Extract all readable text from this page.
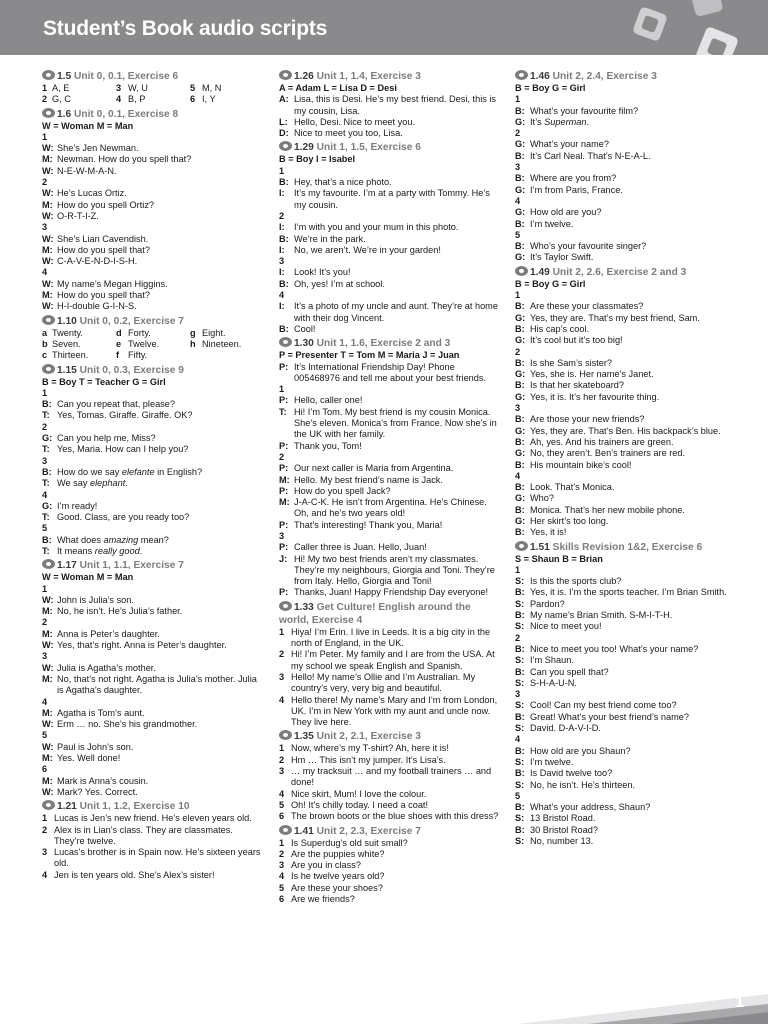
Student’s Book audio scripts
1.5 Unit 0, 0.1, Exercise 6
1 A, E	3 W, U	5 M, N
2 G, C	4 B, P	6 I, Y
1.6 Unit 0, 0.1, Exercise 8
W = Woman M = Man
1
W: She’s Jen Newman.
M: Newman. How do you spell that?
W: N-E-W-M-A-N.
2
W: He’s Lucas Ortiz.
M: How do you spell Ortiz?
W: O-R-T-I-Z.
3
W: She’s Lian Cavendish.
M: How do you spell that?
W: C-A-V-E-N-D-I-S-H.
4
W: My name’s Megan Higgins.
M: How do you spell that?
W: H-I-double G-I-N-S.
1.10 Unit 0, 0.2, Exercise 7
a Twenty.	d Forty.	g Eight.
b Seven.	e Twelve.	h Nineteen.
c Thirteen.	f Fifty.
1.15 Unit 0, 0.3, Exercise 9
B = Boy T = Teacher G = Girl
1
B: Can you repeat that, please?
T: Yes, Tomas. Giraffe. Giraffe. OK?
2
G: Can you help me, Miss?
T: Yes, Maria. How can I help you?
3
B: How do we say elefante in English?
T: We say elephant.
4
G: I’m ready!
T: Good. Class, are you ready too?
5
B: What does amazing mean?
T: It means really good.
1.17 Unit 1, 1.1, Exercise 7
W = Woman M = Man
1
W: John is Julia’s son.
M: No, he isn’t. He’s Julia’s father.
2
M: Anna is Peter’s daughter.
W: Yes, that’s right. Anna is Peter’s daughter.
3
W: Julia is Agatha’s mother.
M: No, that’s not right. Agatha is Julia’s mother. Julia is Agatha’s daughter.
4
M: Agatha is Tom’s aunt.
W: Erm … no. She’s his grandmother.
5
W: Paul is John’s son.
M: Yes. Well done!
6
M: Mark is Anna’s cousin.
W: Mark? Yes. Correct.
1.21 Unit 1, 1.2, Exercise 10
1 Lucas is Jen’s new friend. He’s eleven years old.
2 Alex is in Lian’s class. They are classmates. They’re twelve.
3 Lucas’s brother is in Spain now. He’s sixteen years old.
4 Jen is ten years old. She’s Alex’s sister!
1.26 Unit 1, 1.4, Exercise 3
A = Adam L = Lisa D = Desi
A: Lisa, this is Desi. He’s my best friend. Desi, this is my cousin, Lisa.
L: Hello, Desi. Nice to meet you.
D: Nice to meet you too, Lisa.
1.29 Unit 1, 1.5, Exercise 6
B = Boy I = Isabel
1
B: Hey, that’s a nice photo.
I:	It’s my favourite. I’m at a party with Tommy. He’s my cousin.
2
I:	I’m with you and your mum in this photo.
B: We’re in the park.
I:	No, we aren’t. We’re in your garden!
3
I:	Look! It’s you!
B: Oh, yes! I’m at school.
4
I:	It’s a photo of my uncle and aunt. They’re at home with their dog Vincent.
B: Cool!
1.30 Unit 1, 1.6, Exercise 2 and 3
P = Presenter T = Tom M = Maria J = Juan
P: It’s International Friendship Day! Phone 005468976 and tell me about your best friends.
1
P: Hello, caller one!
T: Hi! I’m Tom. My best friend is my cousin Monica. She’s eleven. Monica’s from France. Now she’s in the UK with her family.
P: Thank you, Tom!
2
P: Our next caller is Maria from Argentina.
M: Hello. My best friend’s name is Jack.
P: How do you spell Jack?
M: J-A-C-K. He isn’t from Argentina. He’s Chinese. Oh, and he’s two years old!
P: That’s interesting! Thank you, Maria!
3
P: Caller three is Juan. Hello, Juan!
J: Hi! My two best friends aren’t my classmates. They’re my neighbours, Giorgia and Toni. They’re from Italy. Hello, Giorgia and Toni!
P: Thanks, Juan! Happy Friendship Day everyone!
1.33 Get Culture! English around the world, Exercise 4
1 Hiya! I’m Erin. I live in Leeds. It is a big city in the north of England, in the UK.
2 Hi! I’m Peter. My family and I are from the USA. At my school we speak English and Spanish.
3 Hello! My name’s Ollie and I’m Australian. My country’s very, very big and beautiful.
4 Hello there! My name’s Mary and I’m from London, UK. I’m in New York with my aunt and uncle now. They live here.
1.35 Unit 2, 2.1, Exercise 3
1 Now, where’s my T-shirt? Ah, here it is!
2 Hm … This isn’t my jumper. It’s Lisa’s.
3 … my tracksuit … and my football trainers … and done!
4 Nice skirt, Mum! I love the colour.
5 Oh! It’s chilly today. I need a coat!
6 The brown boots or the blue shoes with this dress?
1.41 Unit 2, 2.3, Exercise 7
1 Is Superdug’s old suit small?
2 Are the puppies white?
3 Are you in class?
4 Is he twelve years old?
5 Are these your shoes?
6 Are we friends?
1.46 Unit 2, 2.4, Exercise 3
B = Boy G = Girl
1
B: What’s your favourite film?
G: It’s Superman.
2
G: What’s your name?
B: It’s Carl Neal. That’s N-E-A-L.
3
B: Where are you from?
G: I’m from Paris, France.
4
G: How old are you?
B: I’m twelve.
5
B: Who’s your favourite singer?
G: It’s Taylor Swift.
1.49 Unit 2, 2.6, Exercise 2 and 3
B = Boy G = Girl
1
B: Are these your classmates?
G: Yes, they are. That’s my best friend, Sam.
B: His cap’s cool.
G: It’s cool but it’s too big!
2
B: Is she Sam’s sister?
G: Yes, she is. Her name’s Janet.
B: Is that her skateboard?
G: Yes, it is. It’s her favourite thing.
3
B: Are those your new friends?
G: Yes, they are. That’s Ben. His backpack’s blue.
B: Ah, yes. And his trainers are green.
G: No, they aren’t. Ben’s trainers are red.
B: His mountain bike’s cool!
4
B: Look. That’s Monica.
G: Who?
B: Monica. That’s her new mobile phone.
G: Her skirt’s too long.
B: Yes, it is!
1.51 Skills Revision 1&2, Exercise 6
S = Shaun B = Brian
1
S: Is this the sports club?
B: Yes, it is. I’m the sports teacher. I’m Brian Smith.
S: Pardon?
B: My name’s Brian Smith. S-M-I-T-H.
S: Nice to meet you!
2
B: Nice to meet you too! What’s your name?
S: I’m Shaun.
B: Can you spell that?
S: S-H-A-U-N.
3
S: Cool! Can my best friend come too?
B: Great! What’s your best friend’s name?
S: David. D-A-V-I-D.
4
B: How old are you Shaun?
S: I’m twelve.
B: Is David twelve too?
S: No, he isn’t. He’s thirteen.
5
B: What’s your address, Shaun?
S: 13 Bristol Road.
B: 30 Bristol Road?
S: No, number 13.
1
